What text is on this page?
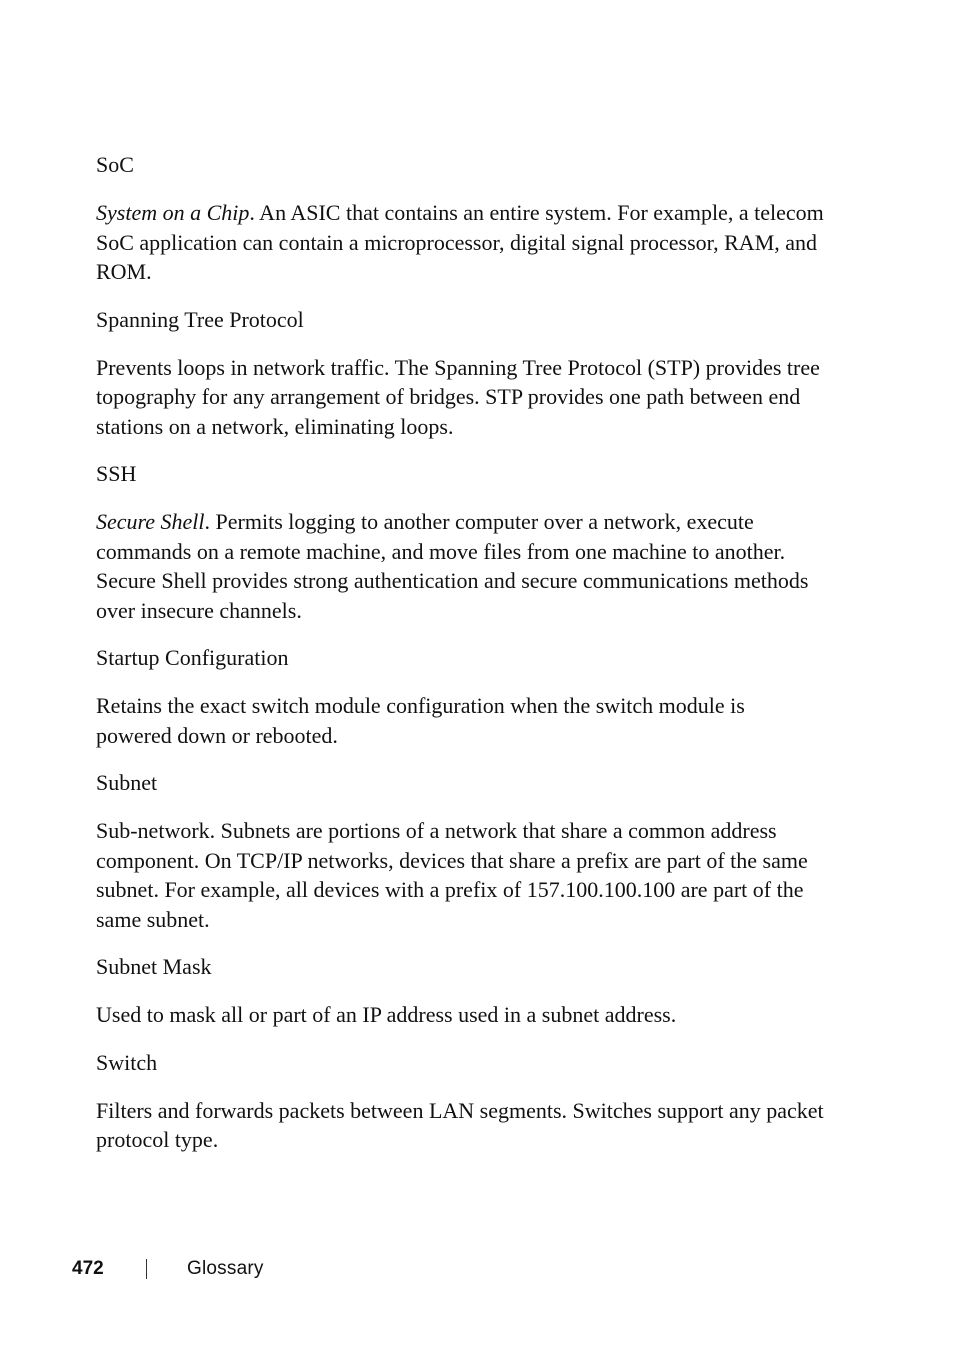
SoC

System on a Chip. An ASIC that contains an entire system. For example, a telecom SoC application can contain a microprocessor, digital signal processor, RAM, and ROM.

Spanning Tree Protocol

Prevents loops in network traffic. The Spanning Tree Protocol (STP) provides tree topography for any arrangement of bridges. STP provides one path between end stations on a network, eliminating loops.

SSH

Secure Shell. Permits logging to another computer over a network, execute commands on a remote machine, and move files from one machine to another. Secure Shell provides strong authentication and secure communications methods over insecure channels.

Startup Configuration

Retains the exact switch module configuration when the switch module is powered down or rebooted.

Subnet

Sub-network. Subnets are portions of a network that share a common address component. On TCP/IP networks, devices that share a prefix are part of the same subnet. For example, all devices with a prefix of 157.100.100.100 are part of the same subnet.

Subnet Mask

Used to mask all or part of an IP address used in a subnet address.

Switch

Filters and forwards packets between LAN segments. Switches support any packet protocol type.

472	Glossary
